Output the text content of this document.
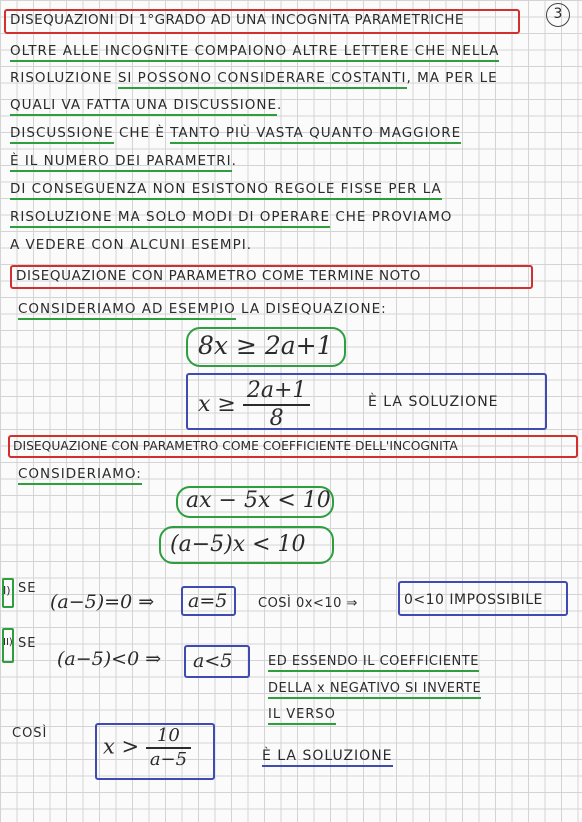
3
DISEQUAZIONI DI 1°GRADO AD UNA INCOGNITA PARAMETRICHE
OLTRE ALLE INCOGNITE COMPAIONO ALTRE LETTERE CHE NELLA
RISOLUZIONE SI POSSONO CONSIDERARE COSTANTI, MA PER LE
QUALI VA FATTA UNA DISCUSSIONE.
DISCUSSIONE CHE È TANTO PIÙ VASTA QUANTO MAGGIORE
È IL NUMERO DEI PARAMETRI.
DI CONSEGUENZA NON ESISTONO REGOLE FISSE PER LA
RISOLUZIONE MA SOLO MODI DI OPERARE CHE PROVIAMO
A VEDERE CON ALCUNI ESEMPI.
DISEQUAZIONE CON PARAMETRO COME TERMINE NOTO
CONSIDERIAMO AD ESEMPIO LA DISEQUAZIONE:
8x ≥ 2a+1
$x \ge \frac{2a+1}{8}$	È LA SOLUZIONE
DISEQUAZIONE CON PARAMETRO COME COEFFICIENTE DELL'INCOGNITA
CONSIDERIAMO:
ax − 5x < 10
(a−5)x < 10
I) SE
(a−5)=0 ⇒ a=5 COSÌ 0x<10 ⇒	0<10 IMPOSSIBILE
II) SE
(a−5)<0 ⇒ a<5	ED ESSENDO IL COEFFICIENTE
DELLA x NEGATIVO SI INVERTE
IL VERSO
COSÌ
$x > \frac{10}{a-5}$	È LA SOLUZIONE
